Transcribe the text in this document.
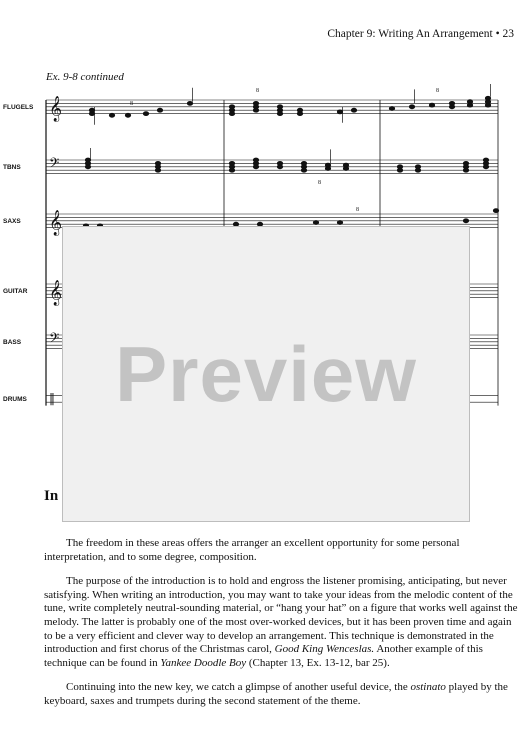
Chapter 9: Writing An Arrangement • 23
Ex. 9-8 continued
FLUGELS
TBNS
SAXS
GUITAR
BASS
DRUMS
𝄞
𝄢
𝄞
𝄞
𝄢
‖
8
8
8
8
8
In
Preview

The freedom in these areas offers the arranger an excellent opportunity for some personal interpretation, and to some degree, composition.

The purpose of the introduction is to hold and engross the listener promising, anticipating, but never satisfying. When writing an introduction, you may want to take your ideas from the melodic content of the tune, write completely neutral-sounding material, or “hang your hat” on a figure that works well against the melody. The latter is probably one of the most over-worked devices, but it has been proven time and again to be a very efficient and clever way to develop an arrangement. This technique is demonstrated in the introduction and first chorus of the Christmas carol, Good King Wenceslas. Another example of this technique can be found in Yankee Doodle Boy (Chapter 13, Ex. 13-12, bar 25).

Continuing into the new key, we catch a glimpse of another useful device, the ostinato played by the keyboard, saxes and trumpets during the second statement of the theme.
